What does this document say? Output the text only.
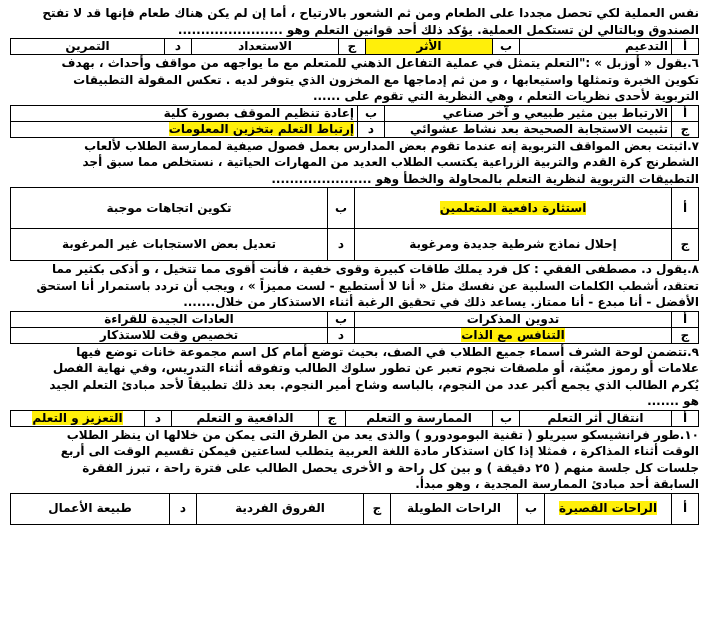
نفس العملية لكي تحصل مجددا على الطعام ومن ثم الشعور بالارتياح ، أما إن لم يكن هناك طعام فإنها قد لا تفتح

الصندوق وبالتالي لن تستكمل العملية. يؤكد ذلك أحد قوانين التعلم وهو .......................

أ	التدعيم	ب	الأثر	ج	الاستعداد	د	التمرين

٦.يقول « أوزبل » :"التعلم يتمثل في عملية التفاعل الذهني للمتعلم مع ما يواجهه من مواقف وأحداث ، بهدف

تكوين الخبرة وتمثلها واستيعابها ، و من ثم إدماجها مع المخزون الذي يتوفر لديه . تعكس المقولة التطبيقات

التربوية لأحدى نظريات التعلم ، وهي النظرية التي تقوم على ......

أ	الارتباط بين مثير طبيعي و آخر صناعي	ب	إعادة تنظيم الموقف بصورة كلية
ج	تثبيت الاستجابة الصحيحة بعد نشاط عشوائي	د	إرتباط التعلم بتخزين المعلومات

٧.اثبتت بعض المواقف التربوية إنه عندما تقوم بعض المدارس بعمل فصول صيفية لممارسة الطلاب لألعاب

الشطرنج كرة القدم والتربية الزراعية يكتسب الطلاب العديد من المهارات الحياتية ، نستخلص مما سبق أجد

التطبيقات التربوية لنظرية التعلم بالمحاولة والخطأ وهو ......................

أ	استثارة دافعية المتعلمين	ب	تكوين اتجاهات موجبة
ج	إحلال نماذج شرطية جديدة ومرغوبة	د	تعديل بعض الاستجابات غير المرغوبة

٨.يقول د. مصطفى الفقي : كل فرد يملك طاقات كبيرة وقوى خفية ، فأنت أقوى مما تتخيل ، و أذكى بكثير مما

تعتقد، أشطب الكلمات السلبية عن نفسك مثل « أنا لا أستطيع - لست مميزاً » ، ويجب أن تردد باستمرار أنا استحق

الأفضل - أنا مبدع - أنا ممتاز. يساعد ذلك في تحقيق الرغبة أثناء الاستذكار من خلال.......

أ	تدوين المذكرات	ب	العادات الجيدة للقراءة
ج	التنافس مع الذات	د	تخصيص وقت للاستذكار

٩.تتضمن لوحة الشرف أسماء جميع الطلاب في الصف، بحيث توضع أمام كل اسم مجموعة خانات توضع فيها

علامات أو رموز معيّنة، أو ملصقات نجوم تعبر عن تطور سلوك الطالب وتفوقه أثناء التدريس، وفي نهاية الفصل

يُكرم الطالب الذي يجمع أكبر عدد من النجوم، بالباسه وشاح أمير النجوم. بعد ذلك تطبيقاً لأحد مبادئ التعلم الجيد

هو .......

أ	انتقال أثر التعلم	ب	الممارسة و التعلم	ج	الدافعية و التعلم	د	التعزيز و التعلم

١٠.طور فرانشيسكو سيريلو ( تقنية البومودورو ) والذى يعد من الطرق التى يمكن من خلالها ان ينظر الطلاب

الوقت أثناء المذاكرة ، فمثلا إذا كان استذكار مادة اللغة العربية يتطلب لساعتين فيمكن تقسيم الوقت الى أربع

جلسات كل جلسة منهم ( ٢٥ دقيقة ) و بين كل راحة و الأخرى يحصل الطالب على فترة راحة ، تبرز الفقرة

السابقة أحد مبادئ الممارسة المجدية ، وهو مبدأ.

أ	الراحات القصيرة	ب	الراحات الطويلة	ج	الفروق الفردية	د	طبيعة الأعمال
